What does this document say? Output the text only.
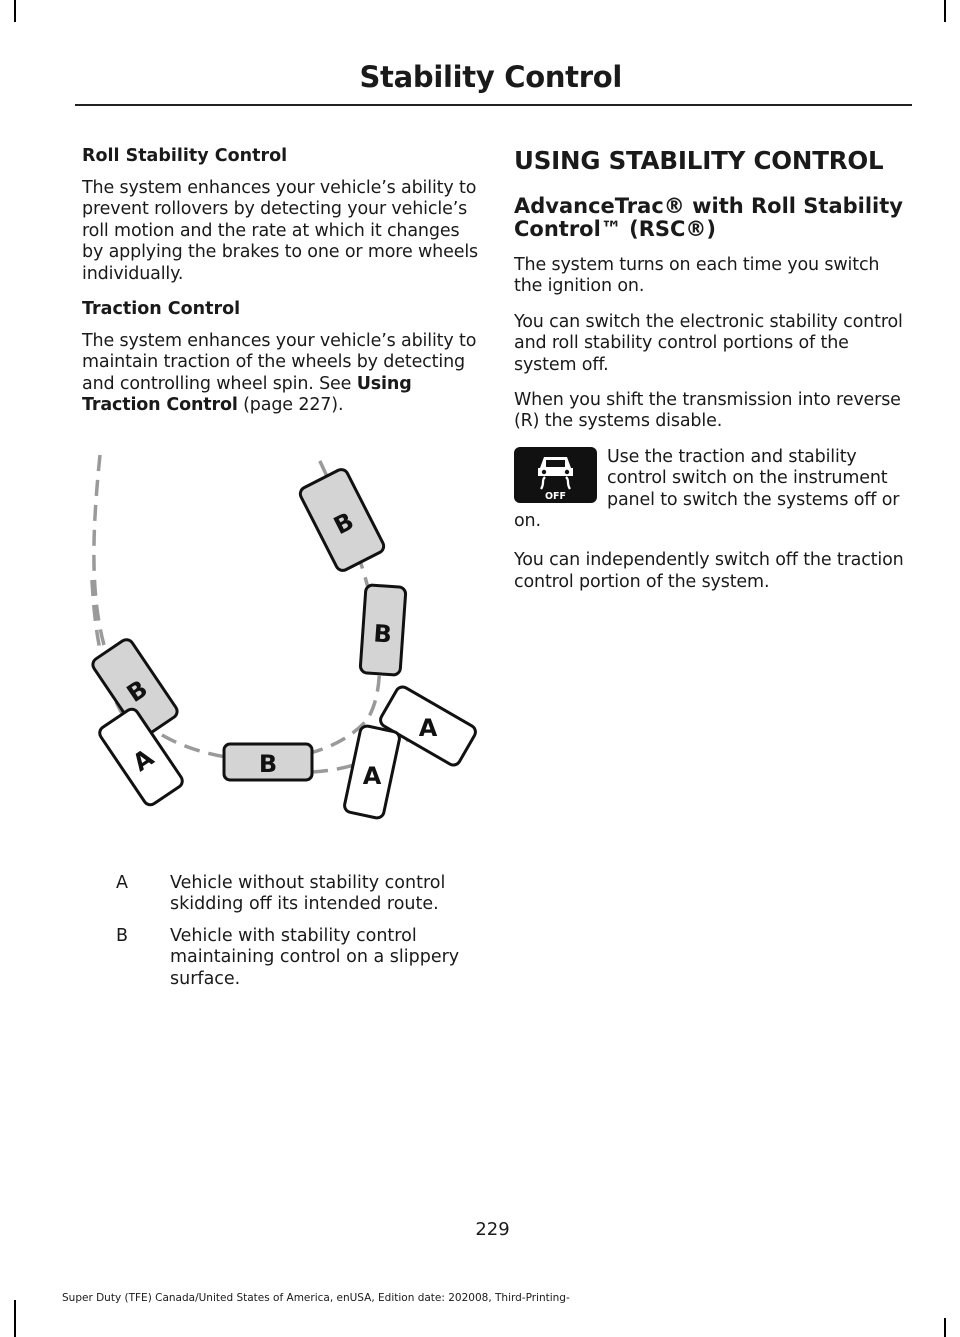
Stability Control

Roll Stability Control

The system enhances your vehicle’s ability to prevent rollovers by detecting your vehicle’s roll motion and the rate at which it changes by applying the brakes to one or more wheels individually.

Traction Control

The system enhances your vehicle’s ability to maintain traction of the wheels by detecting and controlling wheel spin. See Using Traction Control (page 227).

B
B
B
B
A
A
A
A	Vehicle without stability control skidding off its intended route.
B	Vehicle with stability control maintaining control on a slippery surface.

USING STABILITY CONTROL

AdvanceTrac® with Roll Stability Control™ (RSC®)

The system turns on each time you switch the ignition on.

You can switch the electronic stability control and roll stability control portions of the system off.

When you shift the transmission into reverse (R) the systems disable.

OFF

Use the traction and stability control switch on the instrument panel to switch the systems off or on.

You can independently switch off the traction control portion of the system.

229
Super Duty (TFE) Canada/United States of America, enUSA, Edition date: 202008, Third-Printing-
